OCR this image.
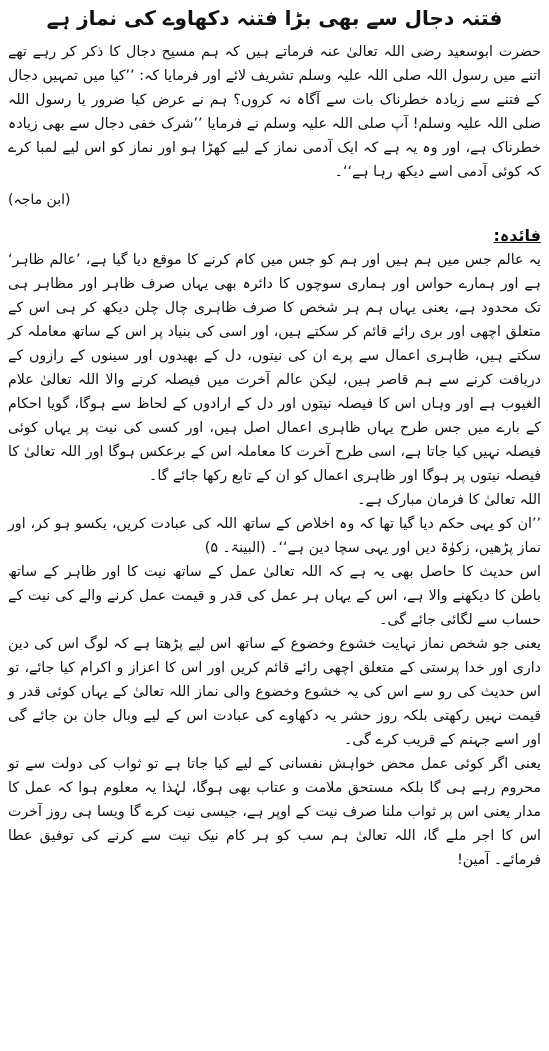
فتنہ دجال سے بھی بڑا فتنہ دکھاوے کی نماز ہے

حضرت ابوسعید رضی اللہ تعالیٰ عنہ فرماتے ہیں کہ ہم مسیح دجال کا ذکر کر رہے تھے اتنے میں رسول اللہ صلی اللہ علیہ وسلم تشریف لائے اور فرمایا کہ: ’’کیا میں تمہیں دجال کے فتنے سے زیادہ خطرناک بات سے آگاہ نہ کروں؟ ہم نے عرض کیا ضرور یا رسول اللہ صلی اللہ علیہ وسلم! آپ صلی اللہ علیہ وسلم نے فرمایا ’’شرک خفی دجال سے بھی زیادہ خطرناک ہے، اور وہ یہ ہے کہ ایک آدمی نماز کے لیے کھڑا ہو اور نماز کو اس لیے لمبا کرے کہ کوئی آدمی اسے دیکھ رہا ہے‘‘۔

(ابن ماجہ)

فائدہ:

یہ عالم جس میں ہم ہیں اور ہم کو جس میں کام کرنے کا موقع دیا گیا ہے، ’عالم ظاہر‘ ہے اور ہمارے حواس اور ہماری سوچوں کا دائرہ بھی یہاں صرف ظاہر اور مظاہر ہی تک محدود ہے، یعنی یہاں ہم ہر شخص کا صرف ظاہری چال چلن دیکھ کر ہی اس کے متعلق اچھی اور بری رائے قائم کر سکتے ہیں، اور اسی کی بنیاد پر اس کے ساتھ معاملہ کر سکتے ہیں، ظاہری اعمال سے پرے ان کی نیتوں، دل کے بھیدوں اور سینوں کے رازوں کے دریافت کرنے سے ہم قاصر ہیں، لیکن عالم آخرت میں فیصلہ کرنے والا اللہ تعالیٰ علام الغیوب ہے اور وہاں اس کا فیصلہ نیتوں اور دل کے ارادوں کے لحاظ سے ہوگا، گویا احکام کے بارے میں جس طرح یہاں ظاہری اعمال اصل ہیں، اور کسی کی نیت پر یہاں کوئی فیصلہ نہیں کیا جاتا ہے، اسی طرح آخرت کا معاملہ اس کے برعکس ہوگا اور اللہ تعالیٰ کا فیصلہ نیتوں پر ہوگا اور ظاہری اعمال کو ان کے تابع رکھا جائے گا۔

اللہ تعالیٰ کا فرمان مبارک ہے۔

’’ان کو یہی حکم دیا گیا تھا کہ وہ اخلاص کے ساتھ اللہ کی عبادت کریں، یکسو ہو کر، اور نماز پڑھیں، زکوٰۃ دیں اور یہی سچا دین ہے‘‘۔ (البینۃ۔ ۵)

اس حدیث کا حاصل بھی یہ ہے کہ اللہ تعالیٰ عمل کے ساتھ نیت کا اور ظاہر کے ساتھ باطن کا دیکھنے والا ہے، اس کے یہاں ہر عمل کی قدر و قیمت عمل کرنے والے کی نیت کے حساب سے لگائی جائے گی۔

یعنی جو شخص نماز نہایت خشوع وخضوع کے ساتھ اس لیے پڑھتا ہے کہ لوگ اس کی دین داری اور خدا پرستی کے متعلق اچھی رائے قائم کریں اور اس کا اعزاز و اکرام کیا جائے، تو اس حدیث کی رو سے اس کی یہ خشوع وخضوع والی نماز اللہ تعالیٰ کے یہاں کوئی قدر و قیمت نہیں رکھتی بلکہ روز حشر یہ دکھاوے کی عبادت اس کے لیے وبال جان بن جائے گی اور اسے جہنم کے قریب کرے گی۔

یعنی اگر کوئی عمل محض خواہش نفسانی کے لیے کیا جاتا ہے تو ثواب کی دولت سے تو محروم رہے ہی گا بلکہ مستحق ملامت و عتاب بھی ہوگا، لہٰذا یہ معلوم ہوا کہ عمل کا مدار یعنی اس پر ثواب ملنا صرف نیت کے اوپر ہے، جیسی نیت کرے گا ویسا ہی روز آخرت اس کا اجر ملے گا، اللہ تعالیٰ ہم سب کو ہر کام نیک نیت سے کرنے کی توفیق عطا فرمائے۔ آمین!
